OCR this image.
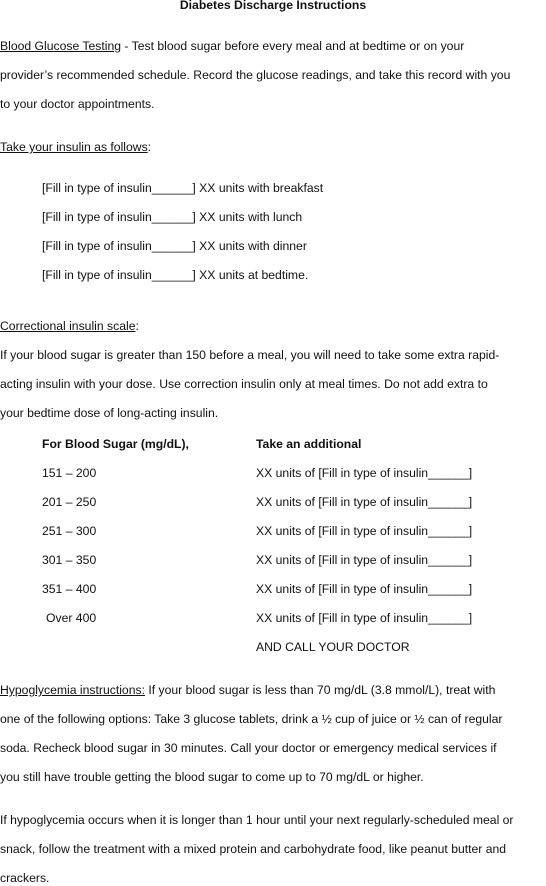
Diabetes Discharge Instructions
Blood Glucose Testing - Test blood sugar before every meal and at bedtime or on your
provider’s recommended schedule. Record the glucose readings, and take this record with you
to your doctor appointments.
Take your insulin as follows:
[Fill in type of insulin______] XX units with breakfast
[Fill in type of insulin______] XX units with lunch
[Fill in type of insulin______] XX units with dinner
[Fill in type of insulin______] XX units at bedtime.
Correctional insulin scale:
If your blood sugar is greater than 150 before a meal, you will need to take some extra rapid-
acting insulin with your dose. Use correction insulin only at meal times. Do not add extra to
your bedtime dose of long-acting insulin.
For Blood Sugar (mg/dL),	Take an additional
151 – 200	XX units of [Fill in type of insulin______]
201 – 250	XX units of [Fill in type of insulin______]
251 – 300	XX units of [Fill in type of insulin______]
301 – 350	XX units of [Fill in type of insulin______]
351 – 400	XX units of [Fill in type of insulin______]
Over 400	XX units of [Fill in type of insulin______]
AND CALL YOUR DOCTOR
Hypoglycemia instructions: If your blood sugar is less than 70 mg/dL (3.8 mmol/L), treat with
one of the following options: Take 3 glucose tablets, drink a ½ cup of juice or ½ can of regular
soda. Recheck blood sugar in 30 minutes. Call your doctor or emergency medical services if
you still have trouble getting the blood sugar to come up to 70 mg/dL or higher.
If hypoglycemia occurs when it is longer than 1 hour until your next regularly-scheduled meal or
snack, follow the treatment with a mixed protein and carbohydrate food, like peanut butter and
crackers.
